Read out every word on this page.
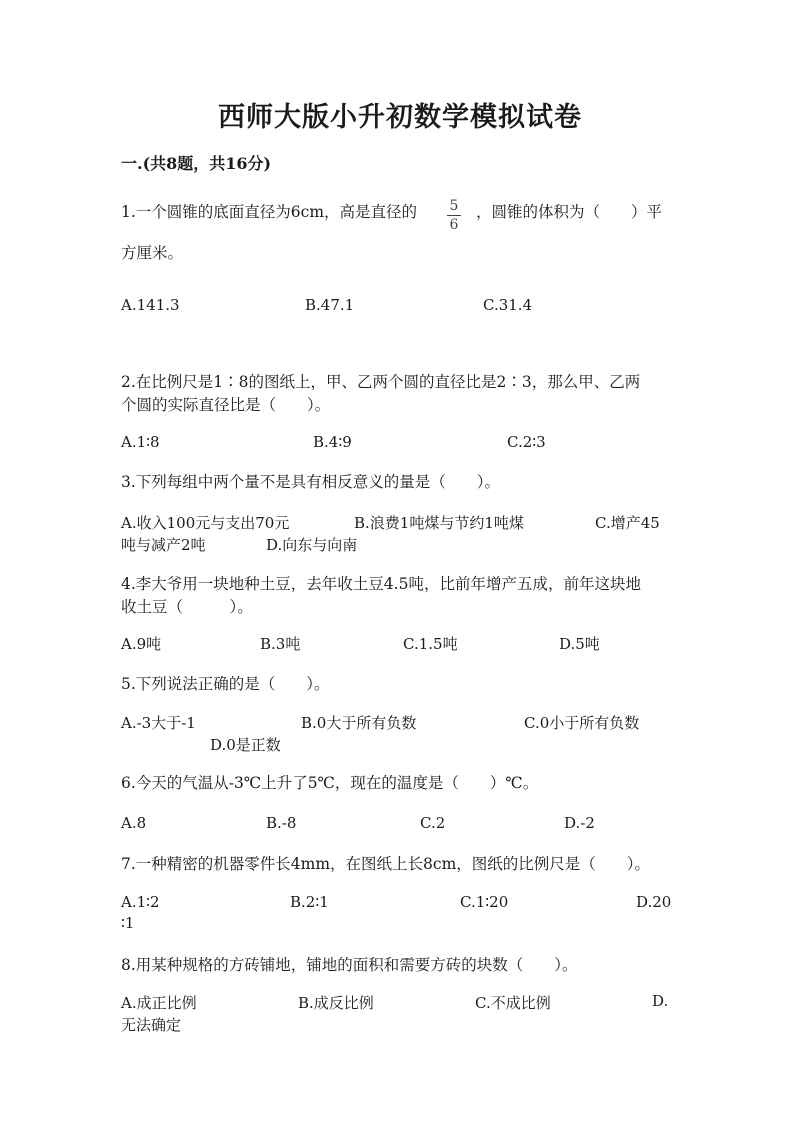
西师大版小升初数学模拟试卷
一.(共8题，共16分)
1.一个圆锥的底面直径为6cm，高是直径的 5
6
，圆锥的体积为（　　）平
方厘米。
A.141.3	B.47.1	C.31.4
2.在比例尺是1∶8的图纸上，甲、乙两个圆的直径比是2∶3，那么甲、乙两
个圆的实际直径比是（　　）。
A.1∶8	B.4∶9	C.2∶3
3.下列每组中两个量不是具有相反意义的量是（　　）。
A.收入100元与支出70元	B.浪费1吨煤与节约1吨煤	C.增产45
吨与减产2吨	D.向东与向南
4.李大爷用一块地种土豆，去年收土豆4.5吨，比前年增产五成，前年这块地
收土豆（　　　）。
A.9吨	B.3吨	C.1.5吨	D.5吨
5.下列说法正确的是（　　）。
A.-3大于-1	B.0大于所有负数	C.0小于所有负数
D.0是正数
6.今天的气温从-3℃上升了5℃，现在的温度是（　　）℃。
A.8	B.-8	C.2	D.-2
7.一种精密的机器零件长4mm，在图纸上长8cm，图纸的比例尺是（　　）。
A.1∶2	B.2∶1	C.1∶20	D.20
∶1
8.用某种规格的方砖铺地，铺地的面积和需要方砖的块数（　　）。
A.成正比例	B.成反比例	C.不成比例	D.
无法确定
